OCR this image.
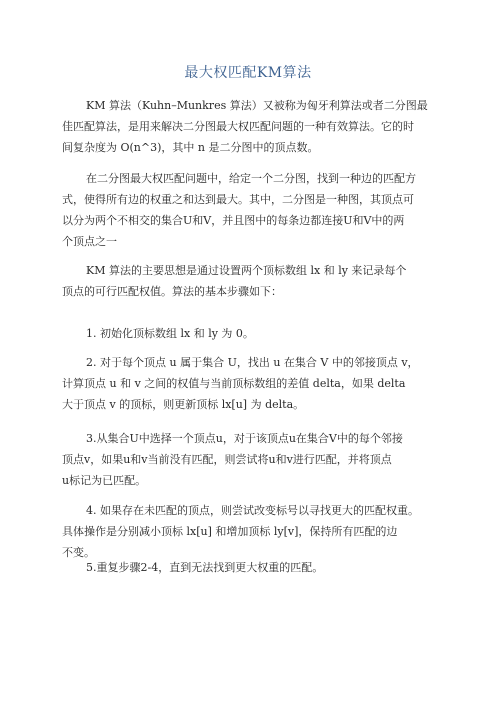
最大权匹配KM算法
KM 算法（Kuhn–Munkres 算法）又被称为匈牙利算法或者二分图最
佳匹配算法，是用来解决二分图最大权匹配问题的一种有效算法。它的时
间复杂度为 O(n^3)，其中 n 是二分图中的顶点数。
在二分图最大权匹配问题中，给定一个二分图，找到一种边的匹配方
式，使得所有边的权重之和达到最大。其中，二分图是一种图，其顶点可
以分为两个不相交的集合U和V，并且图中的每条边都连接U和V中的两
个顶点之一
KM 算法的主要思想是通过设置两个顶标数组 lx 和 ly 来记录每个
顶点的可行匹配权值。算法的基本步骤如下：
1. 初始化顶标数组 lx 和 ly 为 0。
2. 对于每个顶点 u 属于集合 U，找出 u 在集合 V 中的邻接顶点 v，
计算顶点 u 和 v 之间的权值与当前顶标数组的差值 delta，如果 delta
大于顶点 v 的顶标，则更新顶标 lx[u] 为 delta。
3.从集合U中选择一个顶点u，对于该顶点u在集合V中的每个邻接
顶点v，如果u和v当前没有匹配，则尝试将u和v进行匹配，并将顶点
u标记为已匹配。
4. 如果存在未匹配的顶点，则尝试改变标号以寻找更大的匹配权重。
具体操作是分别减小顶标 lx[u] 和增加顶标 ly[v]，保持所有匹配的边
不变。
5.重复步骤2-4，直到无法找到更大权重的匹配。
